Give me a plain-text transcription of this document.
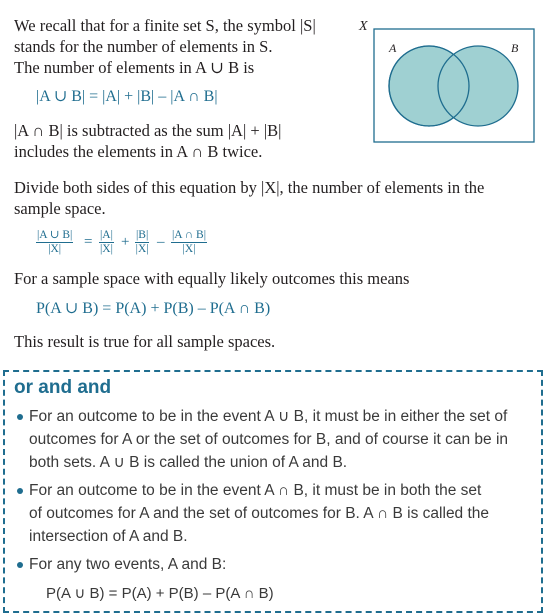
We recall that for a finite set S, the symbol |S|

stands for the number of elements in S.

The number of elements in A ∪ B is

|A ∪ B| = |A| + |B| – |A ∩ B|

|A ∩ B| is subtracted as the sum |A| + |B|

includes the elements in A ∩ B twice.

Divide both sides of this equation by |X|, the number of elements in the

sample space.

$\frac{|A \cup B|}{|X|} = \frac{|A|}{|X|} + \frac{|B|}{|X|} - \frac{|A \cap B|}{|X|}$

For a sample space with equally likely outcomes this means

P(A ∪ B) = P(A) + P(B) – P(A ∩ B)

This result is true for all sample spaces.

X
A	B
or and and
For an outcome to be in the event A ∪ B, it must be in either the set of
outcomes for A or the set of outcomes for B, and of course it can be in
both sets. A ∪ B is called the union of A and B.
For an outcome to be in the event A ∩ B, it must be in both the set
of outcomes for A and the set of outcomes for B. A ∩ B is called the
intersection of A and B.
For any two events, A and B:
P(A ∪ B) = P(A) + P(B) – P(A ∩ B)
